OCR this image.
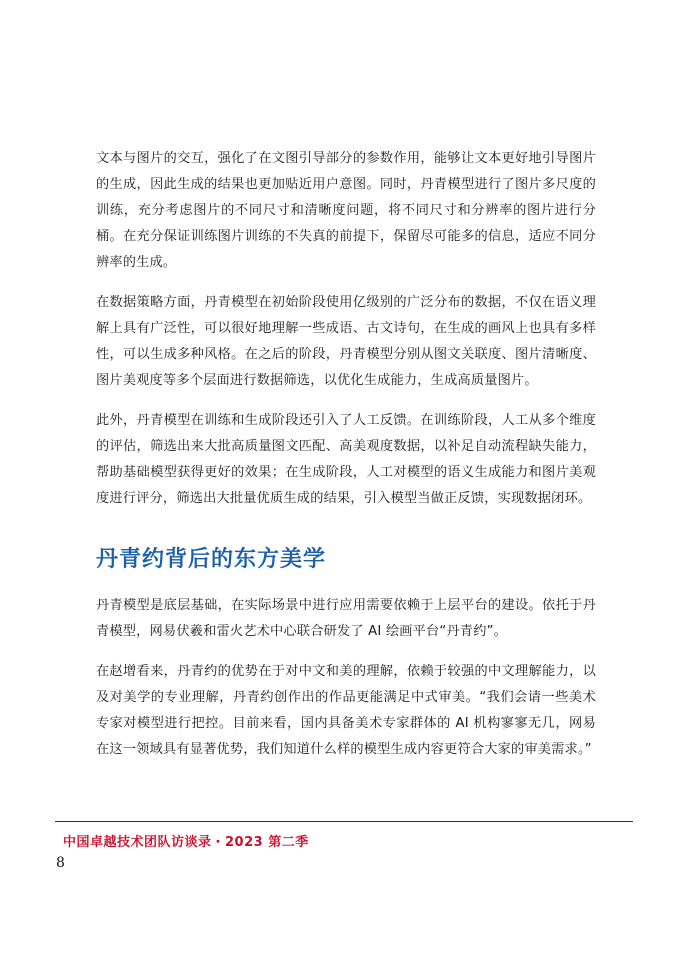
文本与图片的交互，强化了在文图引导部分的参数作用，能够让文本更好地引导图片的生成，因此生成的结果也更加贴近用户意图。同时，丹青模型进行了图片多尺度的训练，充分考虑图片的不同尺寸和清晰度问题，将不同尺寸和分辨率的图片进行分桶。在充分保证训练图片训练的不失真的前提下，保留尽可能多的信息，适应不同分辨率的生成。

在数据策略方面，丹青模型在初始阶段使用亿级别的广泛分布的数据，不仅在语义理解上具有广泛性，可以很好地理解一些成语、古文诗句，在生成的画风上也具有多样性，可以生成多种风格。在之后的阶段，丹青模型分别从图文关联度、图片清晰度、图片美观度等多个层面进行数据筛选，以优化生成能力，生成高质量图片。

此外，丹青模型在训练和生成阶段还引入了人工反馈。在训练阶段，人工从多个维度的评估，筛选出来大批高质量图文匹配、高美观度数据，以补足自动流程缺失能力，帮助基础模型获得更好的效果；在生成阶段，人工对模型的语义生成能力和图片美观度进行评分，筛选出大批量优质生成的结果，引入模型当做正反馈，实现数据闭环。

丹青约背后的东方美学

丹青模型是底层基础，在实际场景中进行应用需要依赖于上层平台的建设。依托于丹青模型，网易伏羲和雷火艺术中心联合研发了 AI 绘画平台“丹青约”。

在赵增看来，丹青约的优势在于对中文和美的理解，依赖于较强的中文理解能力，以及对美学的专业理解，丹青约创作出的作品更能满足中式审美。“我们会请一些美术专家对模型进行把控。目前来看，国内具备美术专家群体的 AI 机构寥寥无几，网易在这一领域具有显著优势，我们知道什么样的模型生成内容更符合大家的审美需求。”

中国卓越技术团队访谈录・2023 第二季
8
